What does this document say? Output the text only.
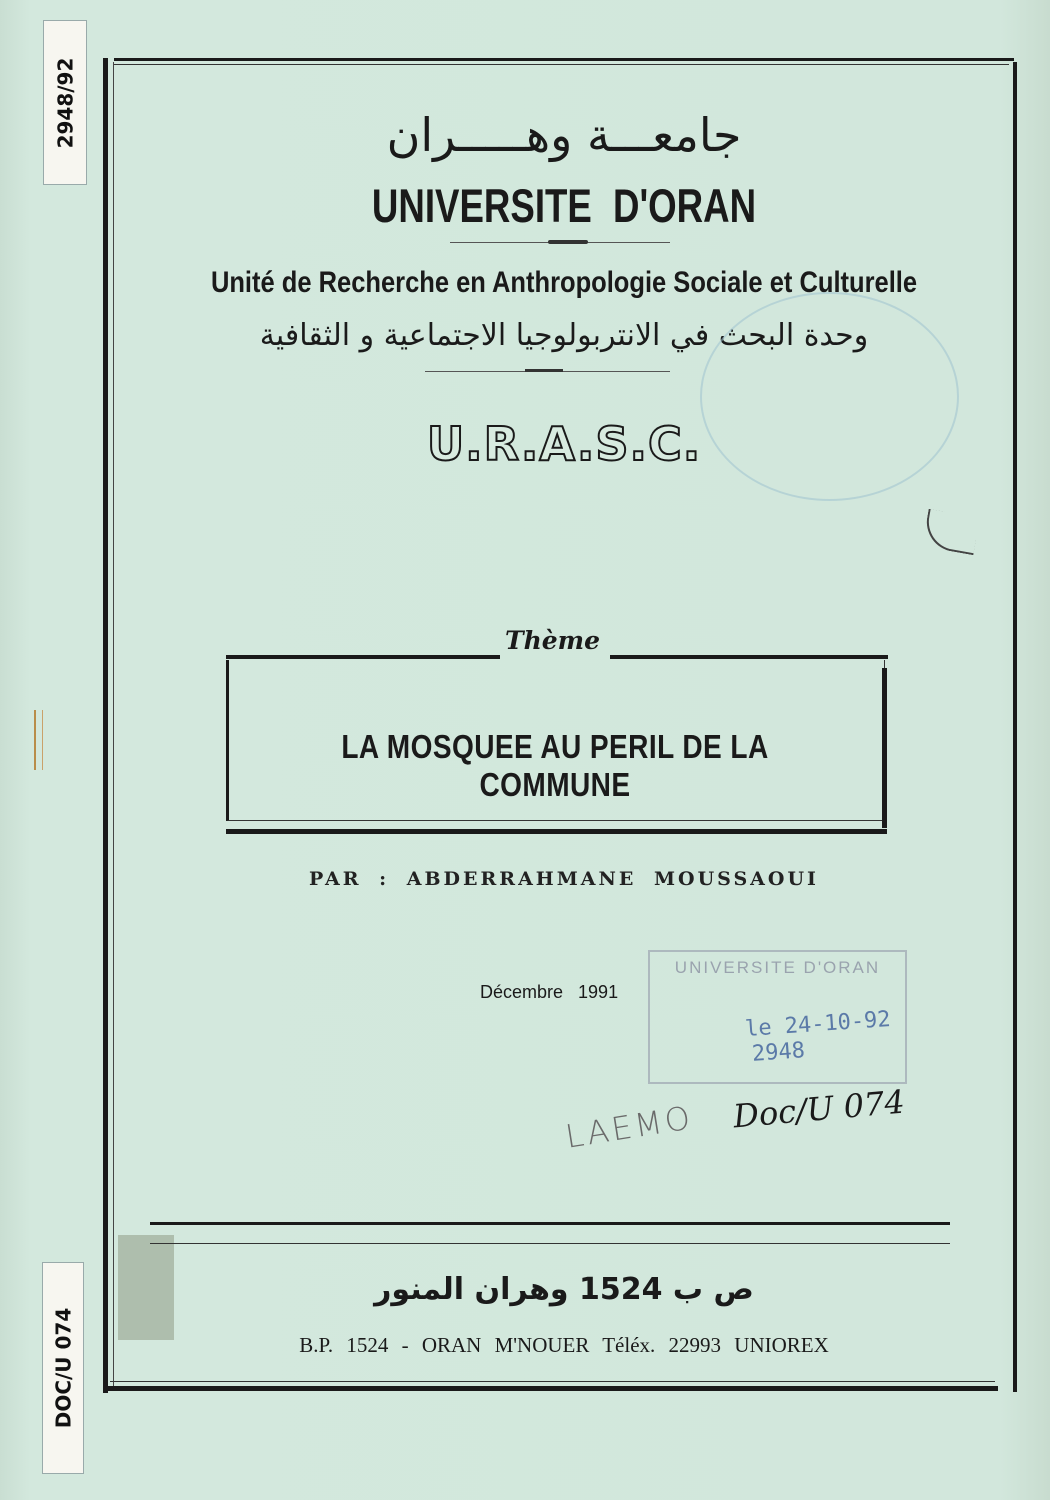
2948/92
DOC/U 074
جامعـــة وهـــــران
UNIVERSITE D'ORAN
Unité de Recherche en Anthropologie Sociale et Culturelle
وحدة البحث في الانتربولوجيا الاجتماعية و الثقافية
U.R.A.S.C.
Thème
LA MOSQUEE AU PERIL DE LA COMMUNE
PAR : ABDERRAHMANE MOUSSAOUI
Décembre 1991
UNIVERSITE D'ORAN
le 24-10-92
2948
LAEMO Doc/U 074
ص ب 1524 وهران المنور
B.P. 1524 - ORAN M'NOUER Téléx. 22993 UNIOREX
